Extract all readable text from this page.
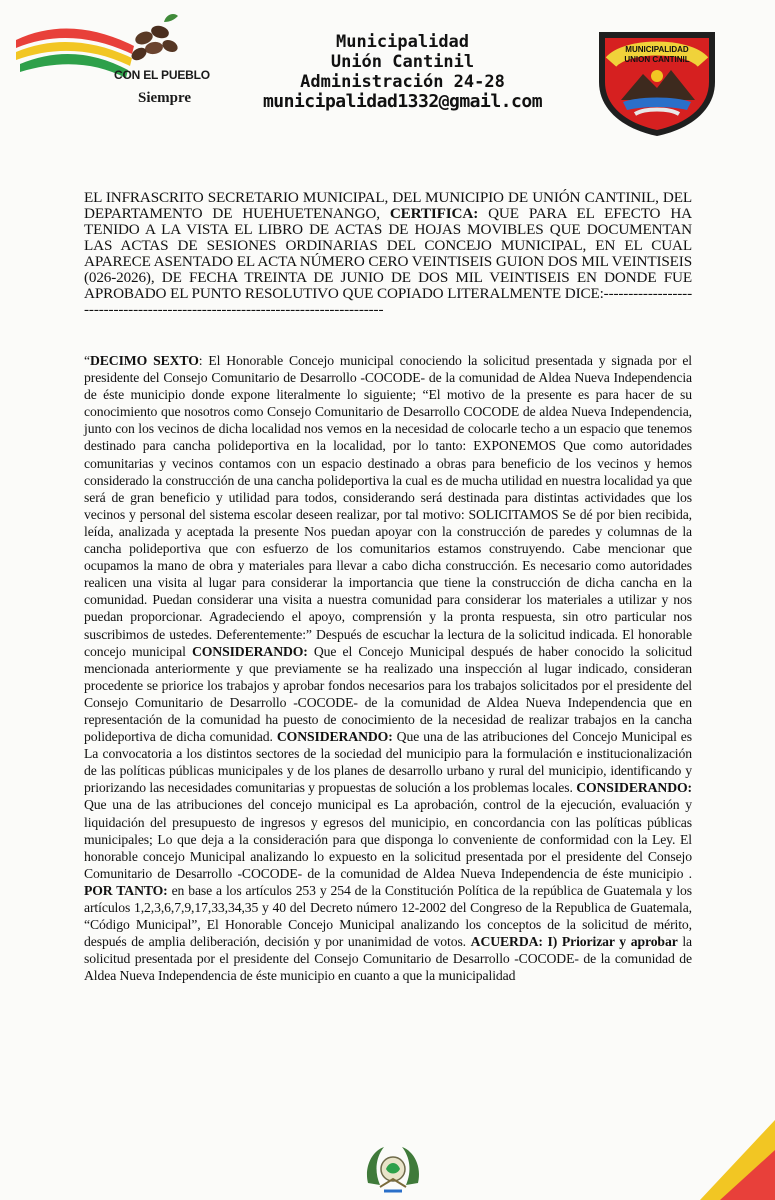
CON EL PUEBLO
Siempre
Municipalidad
Unión Cantinil
Administración 24-28
municipalidad1332@gmail.com
MUNICIPALIDAD
UNION CANTINIL
EL INFRASCRITO SECRETARIO MUNICIPAL, DEL MUNICIPIO DE UNIÓN CANTINIL, DEL DEPARTAMENTO DE HUEHUETENANGO, CERTIFICA: QUE PARA EL EFECTO HA TENIDO A LA VISTA EL LIBRO DE ACTAS DE HOJAS MOVIBLES QUE DOCUMENTAN LAS ACTAS DE SESIONES ORDINARIAS DEL CONCEJO MUNICIPAL, EN EL CUAL APARECE ASENTADO EL ACTA NÚMERO CERO VEINTISEIS GUION DOS MIL VEINTISEIS (026-2026), DE FECHA TREINTA DE JUNIO DE DOS MIL VEINTISEIS EN DONDE FUE APROBADO EL PUNTO RESOLUTIVO QUE COPIADO LITERALMENTE DICE:-------------------------------------------------------------------------------
“DECIMO SEXTO: El Honorable Concejo municipal conociendo la solicitud presentada y signada por el presidente del Consejo Comunitario de Desarrollo -COCODE- de la comunidad de Aldea Nueva Independencia de éste municipio donde expone literalmente lo siguiente; “El motivo de la presente es para hacer de su conocimiento que nosotros como Consejo Comunitario de Desarrollo COCODE de aldea Nueva Independencia, junto con los vecinos de dicha localidad nos vemos en la necesidad de colocarle techo a un espacio que tenemos destinado para cancha polideportiva en la localidad, por lo tanto: EXPONEMOS Que como autoridades comunitarias y vecinos contamos con un espacio destinado a obras para beneficio de los vecinos y hemos considerado la construcción de una cancha polideportiva la cual es de mucha utilidad en nuestra localidad ya que será de gran beneficio y utilidad para todos, considerando será destinada para distintas actividades que los vecinos y personal del sistema escolar deseen realizar, por tal motivo: SOLICITAMOS Se dé por bien recibida, leída, analizada y aceptada la presente Nos puedan apoyar con la construcción de paredes y columnas de la cancha polideportiva que con esfuerzo de los comunitarios estamos construyendo. Cabe mencionar que ocupamos la mano de obra y materiales para llevar a cabo dicha construcción. Es necesario como autoridades realicen una visita al lugar para considerar la importancia que tiene la construcción de dicha cancha en la comunidad. Puedan considerar una visita a nuestra comunidad para considerar los materiales a utilizar y nos puedan proporcionar. Agradeciendo el apoyo, comprensión y la pronta respuesta, sin otro particular nos suscribimos de ustedes. Deferentemente:” Después de escuchar la lectura de la solicitud indicada. El honorable concejo municipal CONSIDERANDO: Que el Concejo Municipal después de haber conocido la solicitud mencionada anteriormente y que previamente se ha realizado una inspección al lugar indicado, consideran procedente se priorice los trabajos y aprobar fondos necesarios para los trabajos solicitados por el presidente del Consejo Comunitario de Desarrollo -COCODE- de la comunidad de Aldea Nueva Independencia que en representación de la comunidad ha puesto de conocimiento de la necesidad de realizar trabajos en la cancha polideportiva de dicha comunidad. CONSIDERANDO: Que una de las atribuciones del Concejo Municipal es La convocatoria a los distintos sectores de la sociedad del municipio para la formulación e institucionalización de las políticas públicas municipales y de los planes de desarrollo urbano y rural del municipio, identificando y priorizando las necesidades comunitarias y propuestas de solución a los problemas locales. CONSIDERANDO: Que una de las atribuciones del concejo municipal es La aprobación, control de la ejecución, evaluación y liquidación del presupuesto de ingresos y egresos del municipio, en concordancia con las políticas públicas municipales; Lo que deja a la consideración para que disponga lo conveniente de conformidad con la Ley. El honorable concejo Municipal analizando lo expuesto en la solicitud presentada por el presidente del Consejo Comunitario de Desarrollo -COCODE- de la comunidad de Aldea Nueva Independencia de éste municipio . POR TANTO: en base a los artículos 253 y 254 de la Constitución Política de la república de Guatemala y los artículos 1,2,3,6,7,9,17,33,34,35 y 40 del Decreto número 12-2002 del Congreso de la Republica de Guatemala, “Código Municipal”, El Honorable Concejo Municipal analizando los conceptos de la solicitud de mérito, después de amplia deliberación, decisión y por unanimidad de votos. ACUERDA: I) Priorizar y aprobar la solicitud presentada por el presidente del Consejo Comunitario de Desarrollo -COCODE- de la comunidad de Aldea Nueva Independencia de éste municipio en cuanto a que la municipalidad
